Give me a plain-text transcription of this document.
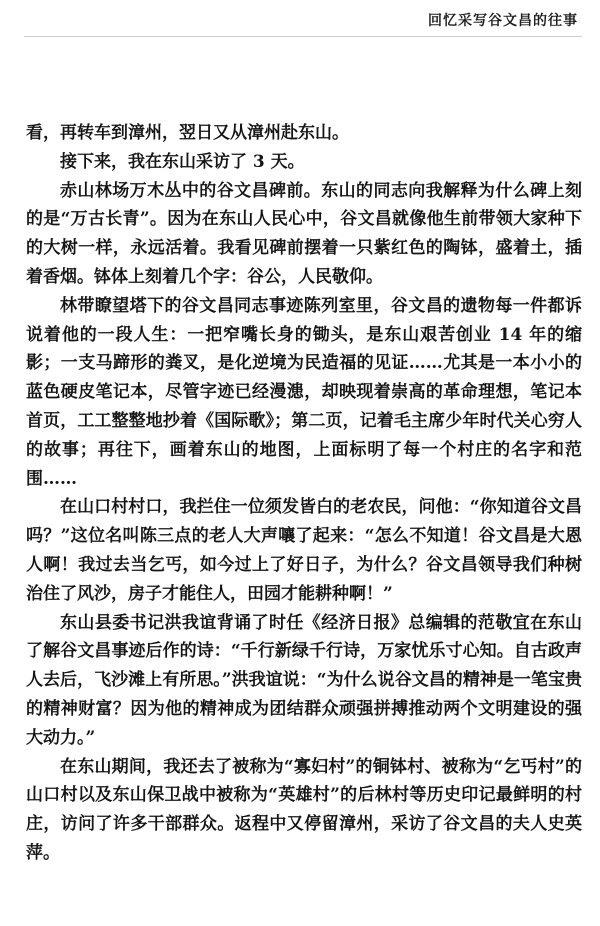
回忆采写谷文昌的往事

看，再转车到漳州，翌日又从漳州赴东山。

接下来，我在东山采访了 3 天。

赤山林场万木丛中的谷文昌碑前。东山的同志向我解释为什么碑上刻的是“万古长青”。因为在东山人民心中，谷文昌就像他生前带领大家种下的大树一样，永远活着。我看见碑前摆着一只紫红色的陶钵，盛着土，插着香烟。钵体上刻着几个字：谷公，人民敬仰。

林带瞭望塔下的谷文昌同志事迹陈列室里，谷文昌的遗物每一件都诉说着他的一段人生：一把窄嘴长身的锄头，是东山艰苦创业 14 年的缩影；一支马蹄形的粪叉，是化逆境为民造福的见证……尤其是一本小小的蓝色硬皮笔记本，尽管字迹已经漫漶，却映现着崇高的革命理想，笔记本首页，工工整整地抄着《国际歌》；第二页，记着毛主席少年时代关心穷人的故事；再往下，画着东山的地图，上面标明了每一个村庄的名字和范围……

在山口村村口，我拦住一位须发皆白的老农民，问他：“你知道谷文昌吗？”这位名叫陈三点的老人大声嚷了起来：“怎么不知道！谷文昌是大恩人啊！我过去当乞丐，如今过上了好日子，为什么？谷文昌领导我们种树治住了风沙，房子才能住人，田园才能耕种啊！”

东山县委书记洪我谊背诵了时任《经济日报》总编辑的范敬宜在东山了解谷文昌事迹后作的诗：“千行新绿千行诗，万家忧乐寸心知。自古政声人去后，飞沙滩上有所思。”洪我谊说：“为什么说谷文昌的精神是一笔宝贵的精神财富？因为他的精神成为团结群众顽强拼搏推动两个文明建设的强大动力。”

在东山期间，我还去了被称为“寡妇村”的铜钵村、被称为“乞丐村”的山口村以及东山保卫战中被称为“英雄村”的后林村等历史印记最鲜明的村庄，访问了许多干部群众。返程中又停留漳州，采访了谷文昌的夫人史英萍。
